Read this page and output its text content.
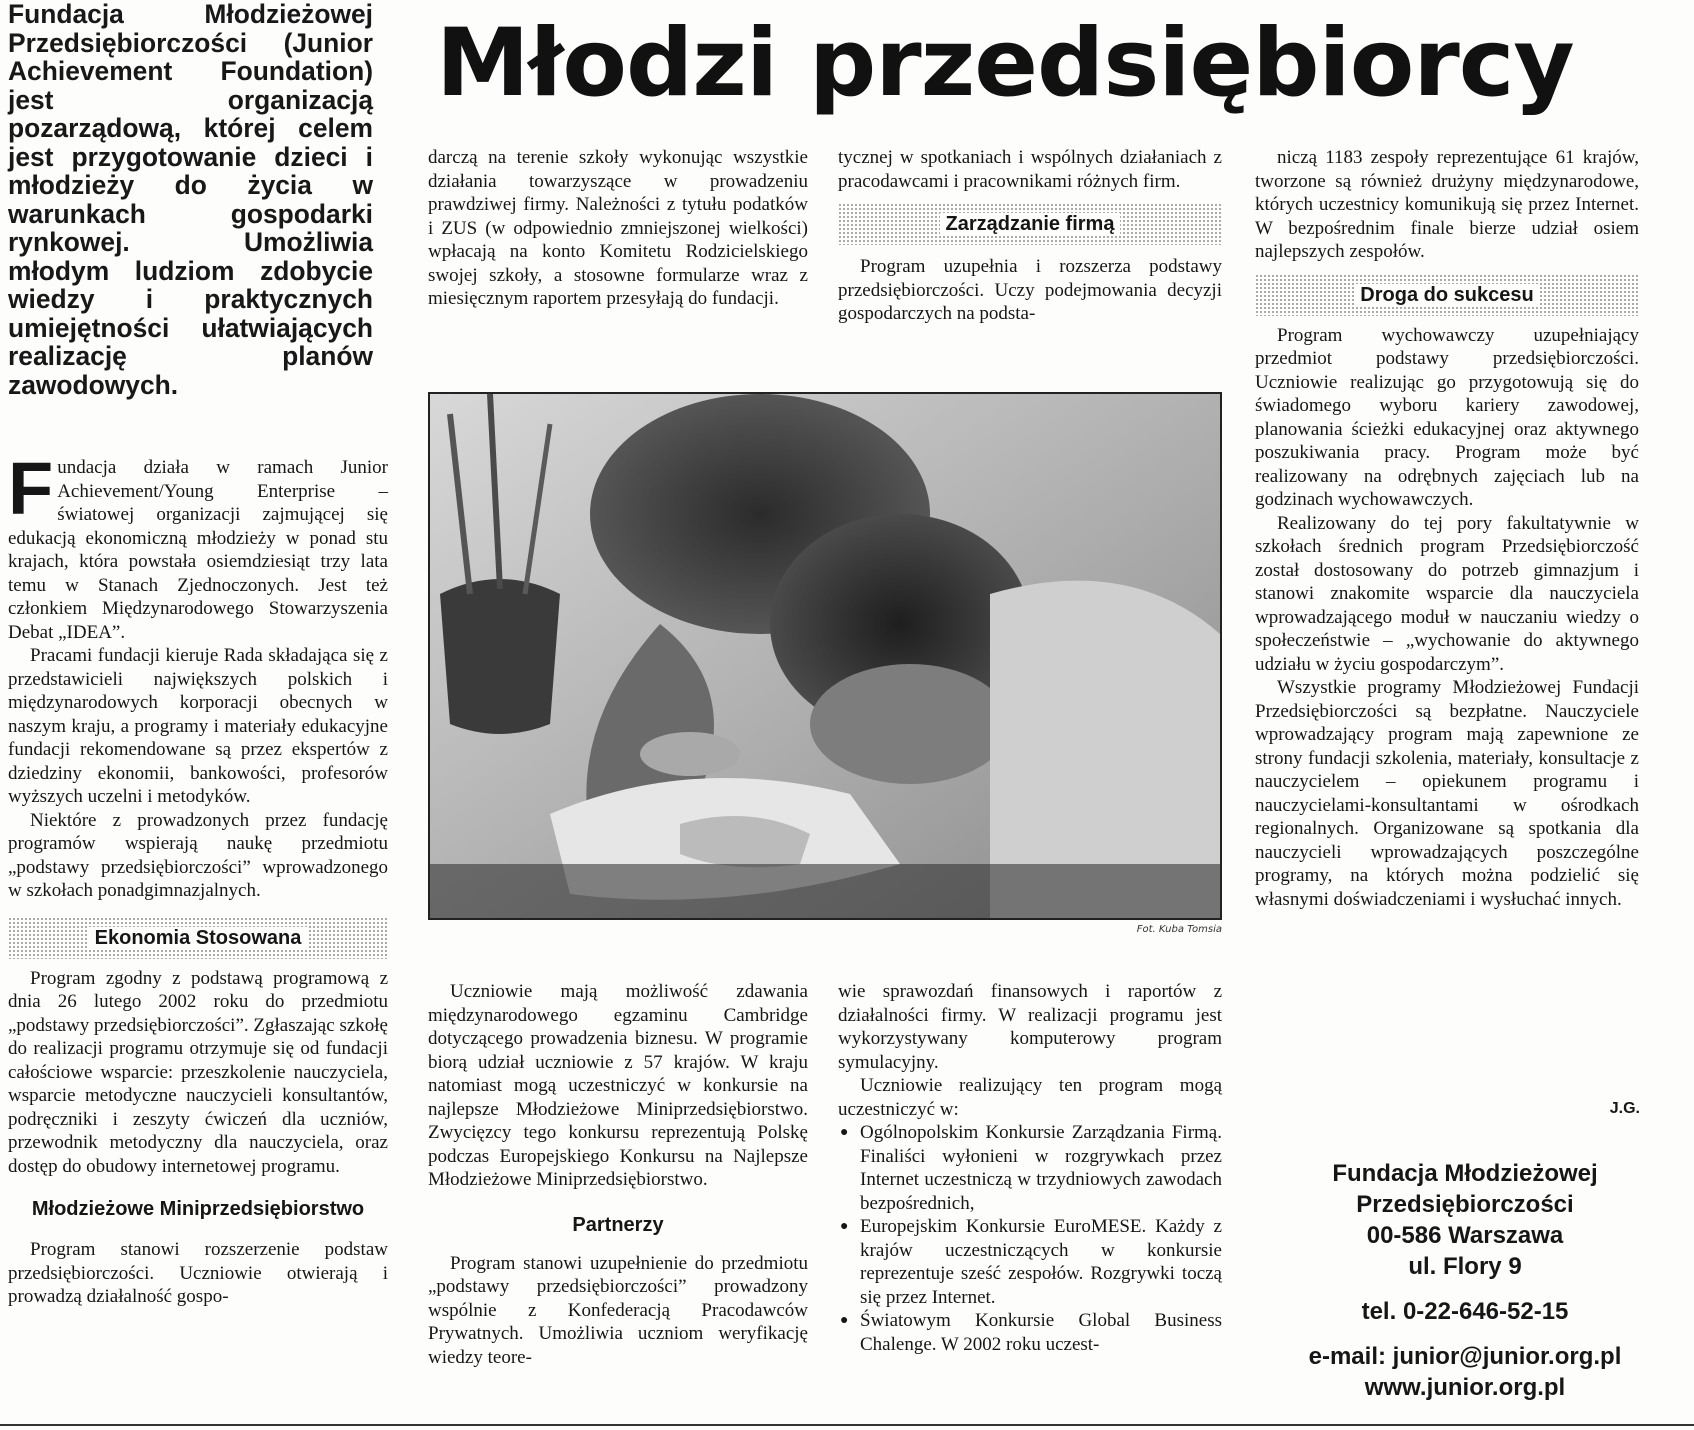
Młodzi przedsiębiorcy

Fundacja Młodzieżowej Przedsiębiorczości (Junior Achievement Foundation) jest organizacją pozarządową, której celem jest przygotowanie dzieci i młodzieży do życia w warunkach gospodarki rynkowej. Umożliwia młodym ludziom zdobycie wiedzy i praktycznych umiejętności ułatwiających realizację planów zawodowych.

Fundacja działa w ramach Junior Achievement/Young Enterprise – światowej organizacji zajmującej się edukacją ekonomiczną młodzieży w ponad stu krajach, która powstała osiemdziesiąt trzy lata temu w Stanach Zjednoczonych. Jest też członkiem Międzynarodowego Stowarzyszenia Debat „IDEA”.

Pracami fundacji kieruje Rada składająca się z przedstawicieli największych polskich i międzynarodowych korporacji obecnych w naszym kraju, a programy i materiały edukacyjne fundacji rekomendowane są przez ekspertów z dziedziny ekonomii, bankowości, profesorów wyższych uczelni i metodyków.

Niektóre z prowadzonych przez fundację programów wspierają naukę przedmiotu „podstawy przedsiębiorczości” wprowadzonego w szkołach ponadgimnazjalnych.

Ekonomia Stosowana

Program zgodny z podstawą programową z dnia 26 lutego 2002 roku do przedmiotu „podstawy przedsiębiorczości”. Zgłaszając szkołę do realizacji programu otrzymuje się od fundacji całościowe wsparcie: przeszkolenie nauczyciela, wsparcie metodyczne nauczycieli konsultantów, podręczniki i zeszyty ćwiczeń dla uczniów, przewodnik metodyczny dla nauczyciela, oraz dostęp do obudowy internetowej programu.

Młodzieżowe Miniprzedsiębiorstwo

Program stanowi rozszerzenie podstaw przedsiębiorczości. Uczniowie otwierają i prowadzą działalność gospo-

darczą na terenie szkoły wykonując wszystkie działania towarzyszące w prowadzeniu prawdziwej firmy. Należności z tytułu podatków i ZUS (w odpowiednio zmniejszonej wielkości) wpłacają na konto Komitetu Rodzicielskiego swojej szkoły, a stosowne formularze wraz z miesięcznym raportem przesyłają do fundacji.

tycznej w spotkaniach i wspólnych działaniach z pracodawcami i pracownikami różnych firm.

Zarządzanie firmą

Program uzupełnia i rozszerza podstawy przedsiębiorczości. Uczy podejmowania decyzji gospodarczych na podsta-

Fot. Kuba Tomsia

Uczniowie mają możliwość zdawania międzynarodowego egzaminu Cambridge dotyczącego prowadzenia biznesu. W programie biorą udział uczniowie z 57 krajów. W kraju natomiast mogą uczestniczyć w konkursie na najlepsze Młodzieżowe Miniprzedsiębiorstwo. Zwycięzcy tego konkursu reprezentują Polskę podczas Europejskiego Konkursu na Najlepsze Młodzieżowe Miniprzedsiębiorstwo.

Partnerzy

Program stanowi uzupełnienie do przedmiotu „podstawy przedsiębiorczości” prowadzony wspólnie z Konfederacją Pracodawców Prywatnych. Umożliwia uczniom weryfikację wiedzy teore-

wie sprawozdań finansowych i raportów z działalności firmy. W realizacji programu jest wykorzystywany komputerowy program symulacyjny.

Uczniowie realizujący ten program mogą uczestniczyć w:

● Ogólnopolskim Konkursie Zarządzania Firmą. Finaliści wyłonieni w rozgrywkach przez Internet uczestniczą w trzydniowych zawodach bezpośrednich,
● Europejskim Konkursie EuroMESE. Każdy z krajów uczestniczących w konkursie reprezentuje sześć zespołów. Rozgrywki toczą się przez Internet.
● Światowym Konkursie Global Business Chalenge. W 2002 roku uczest-

niczą 1183 zespoły reprezentujące 61 krajów, tworzone są również drużyny międzynarodowe, których uczestnicy komunikują się przez Internet. W bezpośrednim finale bierze udział osiem najlepszych zespołów.

Droga do sukcesu

Program wychowawczy uzupełniający przedmiot podstawy przedsiębiorczości. Uczniowie realizując go przygotowują się do świadomego wyboru kariery zawodowej, planowania ścieżki edukacyjnej oraz aktywnego poszukiwania pracy. Program może być realizowany na odrębnych zajęciach lub na godzinach wychowawczych.

Realizowany do tej pory fakultatywnie w szkołach średnich program Przedsiębiorczość został dostosowany do potrzeb gimnazjum i stanowi znakomite wsparcie dla nauczyciela wprowadzającego moduł w nauczaniu wiedzy o społeczeństwie – „wychowanie do aktywnego udziału w życiu gospodarczym”.

Wszystkie programy Młodzieżowej Fundacji Przedsiębiorczości są bezpłatne. Nauczyciele wprowadzający program mają zapewnione ze strony fundacji szkolenia, materiały, konsultacje z nauczycielem – opiekunem programu i nauczycielami-konsultantami w ośrodkach regionalnych. Organizowane są spotkania dla nauczycieli wprowadzających poszczególne programy, na których można podzielić się własnymi doświadczeniami i wysłuchać innych.

J.G.
Fundacja Młodzieżowej
Przedsiębiorczości
00-586 Warszawa
ul. Flory 9
tel. 0-22-646-52-15
e-mail: junior@junior.org.pl
www.junior.org.pl
